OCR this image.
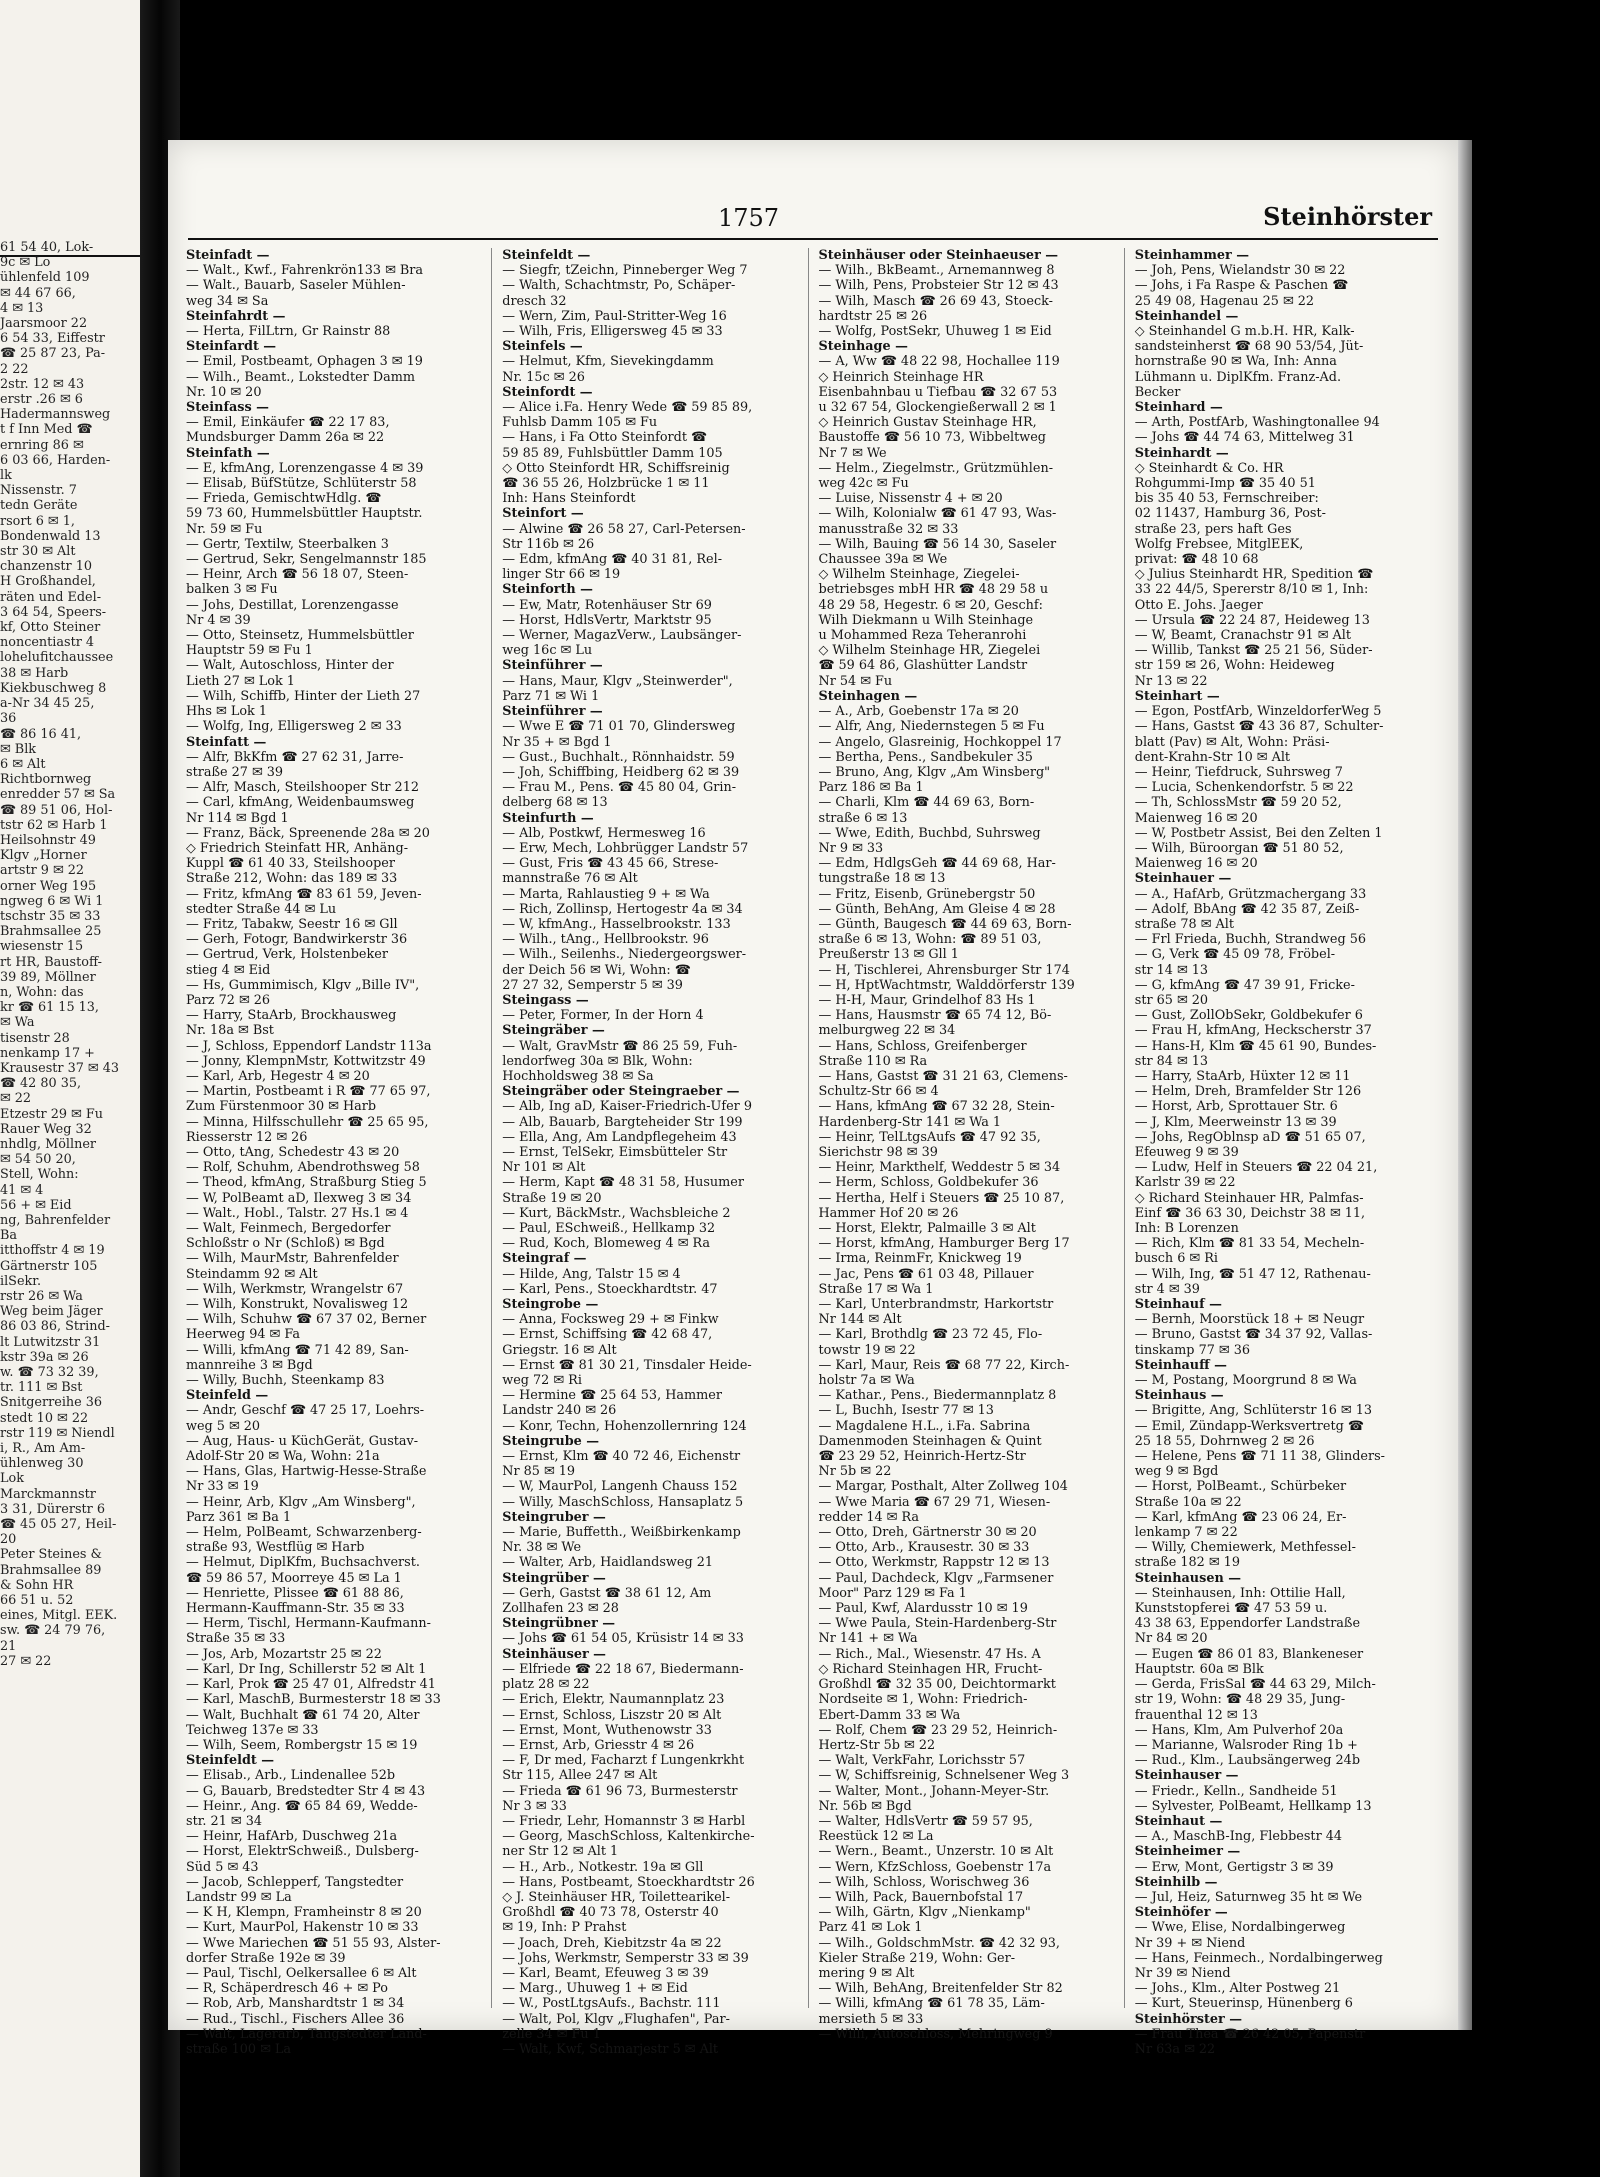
61 54 40, Lok-
9c ✉ Lo
ühlenfeld 109
✉ 44 67 66,
4 ✉ 13
Jaarsmoor 22
6 54 33, Eiffestr
☎ 25 87 23, Pa-
2 22
2str. 12 ✉ 43
erstr .26 ✉ 6
Hadermannsweg
t f Inn Med ☎
ernring 86 ✉
6 03 66, Harden-
lk
Nissenstr. 7
tedn Geräte
rsort 6 ✉ 1,
Bondenwald 13
str 30 ✉ Alt
chanzenstr 10
H Großhandel,
räten und Edel-
3 64 54, Speers-
kf, Otto Steiner
noncentiastr 4
lohelufitchaussee
38 ✉ Harb
Kiekbuschweg 8
a-Nr 34 45 25,
36
☎ 86 16 41,
✉ Blk
6 ✉ Alt
Richtbornweg
enredder 57 ✉ Sa
☎ 89 51 06, Hol-
tstr 62 ✉ Harb 1
Heilsohnstr 49
Klgv „Horner
artstr 9 ✉ 22
orner Weg 195
ngweg 6 ✉ Wi 1
tschstr 35 ✉ 33
Brahmsallee 25
wiesenstr 15
rt HR, Baustoff-
39 89, Möllner
n, Wohn: das
kr ☎ 61 15 13,
✉ Wa
tisenstr 28
nenkamp 17 +
Krausestr 37 ✉ 43
☎ 42 80 35,
✉ 22
Etzestr 29 ✉ Fu
Rauer Weg 32
nhdlg, Möllner
✉ 54 50 20,
Stell, Wohn:
41 ✉ 4
56 + ✉ Eid
ng, Bahrenfelder
Ba
itthoffstr 4 ✉ 19
Gärtnerstr 105
ilSekr.
rstr 26 ✉ Wa
Weg beim Jäger
86 03 86, Strind-
lt Lutwitzstr 31
kstr 39a ✉ 26
w. ☎ 73 32 39,
tr. 111 ✉ Bst
Snitgerreihe 36
stedt 10 ✉ 22
rstr 119 ✉ Niendl
i, R., Am Am-
ühlenweg 30
Lok
Marckmannstr
3 31, Dürerstr 6
☎ 45 05 27, Heil-
20
Peter Steines &
Brahmsallee 89
& Sohn HR
66 51 u. 52
eines, Mitgl. EEK.
sw. ☎ 24 79 76,
21
27 ✉ 22
1757	Steinhörster
Steinfadt —
— Walt., Kwf., Fahrenkrön133 ✉ Bra
— Walt., Bauarb, Saseler Mühlen-
weg 34 ✉ Sa
Steinfahrdt —
— Herta, FilLtrn, Gr Rainstr 88
Steinfardt —
— Emil, Postbeamt, Ophagen 3 ✉ 19
— Wilh., Beamt., Lokstedter Damm
Nr. 10 ✉ 20
Steinfass —
— Emil, Einkäufer ☎ 22 17 83,
Mundsburger Damm 26a ✉ 22
Steinfath —
— E, kfmAng, Lorenzengasse 4 ✉ 39
— Elisab, BüfStütze, Schlüterstr 58
— Frieda, GemischtwHdlg. ☎
59 73 60, Hummelsbüttler Hauptstr.
Nr. 59 ✉ Fu
— Gertr, Textilw, Steerbalken 3
— Gertrud, Sekr, Sengelmannstr 185
— Heinr, Arch ☎ 56 18 07, Steen-
balken 3 ✉ Fu
— Johs, Destillat, Lorenzengasse
Nr 4 ✉ 39
— Otto, Steinsetz, Hummelsbüttler
Hauptstr 59 ✉ Fu 1
— Walt, Autoschloss, Hinter der
Lieth 27 ✉ Lok 1
— Wilh, Schiffb, Hinter der Lieth 27
Hhs ✉ Lok 1
— Wolfg, Ing, Elligersweg 2 ✉ 33
Steinfatt —
— Alfr, BkKfm ☎ 27 62 31, Jarre-
straße 27 ✉ 39
— Alfr, Masch, Steilshooper Str 212
— Carl, kfmAng, Weidenbaumsweg
Nr 114 ✉ Bgd 1
— Franz, Bäck, Spreenende 28a ✉ 20
◇ Friedrich Steinfatt HR, Anhäng-
Kuppl ☎ 61 40 33, Steilshooper
Straße 212, Wohn: das 189 ✉ 33
— Fritz, kfmAng ☎ 83 61 59, Jeven-
stedter Straße 44 ✉ Lu
— Fritz, Tabakw, Seestr 16 ✉ Gll
— Gerh, Fotogr, Bandwirkerstr 36
— Gertrud, Verk, Holstenbeker
stieg 4 ✉ Eid
— Hs, Gummimisch, Klgv „Bille IV",
Parz 72 ✉ 26
— Harry, StaArb, Brockhausweg
Nr. 18a ✉ Bst
— J, Schloss, Eppendorf Landstr 113a
— Jonny, KlempnMstr, Kottwitzstr 49
— Karl, Arb, Hegestr 4 ✉ 20
— Martin, Postbeamt i R ☎ 77 65 97,
Zum Fürstenmoor 30 ✉ Harb
— Minna, Hilfsschullehr ☎ 25 65 95,
Riesserstr 12 ✉ 26
— Otto, tAng, Schedestr 43 ✉ 20
— Rolf, Schuhm, Abendrothsweg 58
— Theod, kfmAng, Straßburg Stieg 5
— W, PolBeamt aD, Ilexweg 3 ✉ 34
— Walt., Hobl., Talstr. 27 Hs.1 ✉ 4
— Walt, Feinmech, Bergedorfer
Schloßstr o Nr (Schloß) ✉ Bgd
— Wilh, MaurMstr, Bahrenfelder
Steindamm 92 ✉ Alt
— Wilh, Werkmstr, Wrangelstr 67
— Wilh, Konstrukt, Novalisweg 12
— Wilh, Schuhw ☎ 67 37 02, Berner
Heerweg 94 ✉ Fa
— Willi, kfmAng ☎ 71 42 89, San-
mannreihe 3 ✉ Bgd
— Willy, Buchh, Steenkamp 83
Steinfeld —
— Andr, Geschf ☎ 47 25 17, Loehrs-
weg 5 ✉ 20
— Aug, Haus- u KüchGerät, Gustav-
Adolf-Str 20 ✉ Wa, Wohn: 21a
— Hans, Glas, Hartwig-Hesse-Straße
Nr 33 ✉ 19
— Heinr, Arb, Klgv „Am Winsberg",
Parz 361 ✉ Ba 1
— Helm, PolBeamt, Schwarzenberg-
straße 93, Westflüg ✉ Harb
— Helmut, DiplKfm, Buchsachverst.
☎ 59 86 57, Moorreye 45 ✉ La 1
— Henriette, Plissee ☎ 61 88 86,
Hermann-Kauffmann-Str. 35 ✉ 33
— Herm, Tischl, Hermann-Kaufmann-
Straße 35 ✉ 33
— Jos, Arb, Mozartstr 25 ✉ 22
— Karl, Dr Ing, Schillerstr 52 ✉ Alt 1
— Karl, Prok ☎ 25 47 01, Alfredstr 41
— Karl, MaschB, Burmesterstr 18 ✉ 33
— Walt, Buchhalt ☎ 61 74 20, Alter
Teichweg 137e ✉ 33
— Wilh, Seem, Rombergstr 15 ✉ 19
Steinfeldt —
— Elisab., Arb., Lindenallee 52b
— G, Bauarb, Bredstedter Str 4 ✉ 43
— Heinr., Ang. ☎ 65 84 69, Wedde-
str. 21 ✉ 34
— Heinr, HafArb, Duschweg 21a
— Horst, ElektrSchweiß., Dulsberg-
Süd 5 ✉ 43
— Jacob, Schlepperf, Tangstedter
Landstr 99 ✉ La
— K H, Klempn, Framheinstr 8 ✉ 20
— Kurt, MaurPol, Hakenstr 10 ✉ 33
— Wwe Mariechen ☎ 51 55 93, Alster-
dorfer Straße 192e ✉ 39
— Paul, Tischl, Oelkersallee 6 ✉ Alt
— R, Schäperdresch 46 + ✉ Po
— Rob, Arb, Manshardtstr 1 ✉ 34
— Rud., Tischl., Fischers Allee 36
— Walt, Lagerarb, Tangstedter Land-
straße 100 ✉ La
Steinfeldt —
— Siegfr, tZeichn, Pinneberger Weg 7
— Walth, Schachtmstr, Po, Schäper-
dresch 32
— Wern, Zim, Paul-Stritter-Weg 16
— Wilh, Fris, Elligersweg 45 ✉ 33
Steinfels —
— Helmut, Kfm, Sievekingdamm
Nr. 15c ✉ 26
Steinfordt —
— Alice i.Fa. Henry Wede ☎ 59 85 89,
Fuhlsb Damm 105 ✉ Fu
— Hans, i Fa Otto Steinfordt ☎
59 85 89, Fuhlsbüttler Damm 105
◇ Otto Steinfordt HR, Schiffsreinig
☎ 36 55 26, Holzbrücke 1 ✉ 11
Inh: Hans Steinfordt
Steinfort —
— Alwine ☎ 26 58 27, Carl-Petersen-
Str 116b ✉ 26
— Edm, kfmAng ☎ 40 31 81, Rel-
linger Str 66 ✉ 19
Steinforth —
— Ew, Matr, Rotenhäuser Str 69
— Horst, HdlsVertr, Marktstr 95
— Werner, MagazVerw., Laubsänger-
weg 16c ✉ Lu
Steinführer —
— Hans, Maur, Klgv „Steinwerder",
Parz 71 ✉ Wi 1
Steinführer —
— Wwe E ☎ 71 01 70, Glindersweg
Nr 35 + ✉ Bgd 1
— Gust., Buchhalt., Rönnhaidstr. 59
— Joh, Schiffbing, Heidberg 62 ✉ 39
— Frau M., Pens. ☎ 45 80 04, Grin-
delberg 68 ✉ 13
Steinfurth —
— Alb, Postkwf, Hermesweg 16
— Erw, Mech, Lohbrügger Landstr 57
— Gust, Fris ☎ 43 45 66, Strese-
mannstraße 76 ✉ Alt
— Marta, Rahlaustieg 9 + ✉ Wa
— Rich, Zollinsp, Hertogestr 4a ✉ 34
— W, kfmAng., Hasselbrookstr. 133
— Wilh., tAng., Hellbrookstr. 96
— Wilh., Seilenhs., Niedergeorgswer-
der Deich 56 ✉ Wi, Wohn: ☎
27 27 32, Semperstr 5 ✉ 39
Steingass —
— Peter, Former, In der Horn 4
Steingräber —
— Walt, GravMstr ☎ 86 25 59, Fuh-
lendorfweg 30a ✉ Blk, Wohn:
Hochholdsweg 38 ✉ Sa
Steingräber oder Steingraeber —
— Alb, Ing aD, Kaiser-Friedrich-Ufer 9
— Alb, Bauarb, Bargteheider Str 199
— Ella, Ang, Am Landpflegeheim 43
— Ernst, TelSekr, Eimsbütteler Str
Nr 101 ✉ Alt
— Herm, Kapt ☎ 48 31 58, Husumer
Straße 19 ✉ 20
— Kurt, BäckMstr., Wachsbleiche 2
— Paul, ESchweiß., Hellkamp 32
— Rud, Koch, Blomeweg 4 ✉ Ra
Steingraf —
— Hilde, Ang, Talstr 15 ✉ 4
— Karl, Pens., Stoeckhardtstr. 47
Steingrobe —
— Anna, Focksweg 29 + ✉ Finkw
— Ernst, Schiffsing ☎ 42 68 47,
Griegstr. 16 ✉ Alt
— Ernst ☎ 81 30 21, Tinsdaler Heide-
weg 72 ✉ Ri
— Hermine ☎ 25 64 53, Hammer
Landstr 240 ✉ 26
— Konr, Techn, Hohenzollernring 124
Steingrube —
— Ernst, Klm ☎ 40 72 46, Eichenstr
Nr 85 ✉ 19
— W, MaurPol, Langenh Chauss 152
— Willy, MaschSchloss, Hansaplatz 5
Steingruber —
— Marie, Buffetth., Weißbirkenkamp
Nr. 38 ✉ We
— Walter, Arb, Haidlandsweg 21
Steingrüber —
— Gerh, Gastst ☎ 38 61 12, Am
Zollhafen 23 ✉ 28
Steingrübner —
— Johs ☎ 61 54 05, Krüsistr 14 ✉ 33
Steinhäuser —
— Elfriede ☎ 22 18 67, Biedermann-
platz 28 ✉ 22
— Erich, Elektr, Naumannplatz 23
— Ernst, Schloss, Liszstr 20 ✉ Alt
— Ernst, Mont, Wuthenowstr 33
— Ernst, Arb, Griesstr 4 ✉ 26
— F, Dr med, Facharzt f Lungenkrkht
Str 115, Allee 247 ✉ Alt
— Frieda ☎ 61 96 73, Burmesterstr
Nr 3 ✉ 33
— Friedr, Lehr, Homannstr 3 ✉ Harbl
— Georg, MaschSchloss, Kaltenkirche-
ner Str 12 ✉ Alt 1
— H., Arb., Notkestr. 19a ✉ Gll
— Hans, Postbeamt, Stoeckhardtstr 26
◇ J. Steinhäuser HR, Toilettearikel-
Großhdl ☎ 40 73 78, Osterstr 40
✉ 19, Inh: P Prahst
— Joach, Dreh, Kiebitzstr 4a ✉ 22
— Johs, Werkmstr, Semperstr 33 ✉ 39
— Karl, Beamt, Efeuweg 3 ✉ 39
— Marg., Uhuweg 1 + ✉ Eid
— W., PostLtgsAufs., Bachstr. 111
— Walt, Pol, Klgv „Flughafen", Par-
zelle 34 ✉ Fu 1
— Walt, Kwf, Schmarjestr 5 ✉ Alt
Steinhäuser oder Steinhaeuser —
— Wilh., BkBeamt., Arnemannweg 8
— Wilh, Pens, Probsteier Str 12 ✉ 43
— Wilh, Masch ☎ 26 69 43, Stoeck-
hardtstr 25 ✉ 26
— Wolfg, PostSekr, Uhuweg 1 ✉ Eid
Steinhage —
— A, Ww ☎ 48 22 98, Hochallee 119
◇ Heinrich Steinhage HR
Eisenbahnbau u Tiefbau ☎ 32 67 53
u 32 67 54, Glockengießerwall 2 ✉ 1
◇ Heinrich Gustav Steinhage HR,
Baustoffe ☎ 56 10 73, Wibbeltweg
Nr 7 ✉ We
— Helm., Ziegelmstr., Grützmühlen-
weg 42c ✉ Fu
— Luise, Nissenstr 4 + ✉ 20
— Wilh, Kolonialw ☎ 61 47 93, Was-
manusstraße 32 ✉ 33
— Wilh, Bauing ☎ 56 14 30, Saseler
Chaussee 39a ✉ We
◇ Wilhelm Steinhage, Ziegelei-
betriebsges mbH HR ☎ 48 29 58 u
48 29 58, Hegestr. 6 ✉ 20, Geschf:
Wilh Diekmann u Wilh Steinhage
u Mohammed Reza Teheranrohi
◇ Wilhelm Steinhage HR, Ziegelei
☎ 59 64 86, Glashütter Landstr
Nr 54 ✉ Fu
Steinhagen —
— A., Arb, Goebenstr 17a ✉ 20
— Alfr, Ang, Niedernstegen 5 ✉ Fu
— Angelo, Glasreinig, Hochkoppel 17
— Bertha, Pens., Sandbekuler 35
— Bruno, Ang, Klgv „Am Winsberg"
Parz 186 ✉ Ba 1
— Charli, Klm ☎ 44 69 63, Born-
straße 6 ✉ 13
— Wwe, Edith, Buchbd, Suhrsweg
Nr 9 ✉ 33
— Edm, HdlgsGeh ☎ 44 69 68, Har-
tungstraße 18 ✉ 13
— Fritz, Eisenb, Grünebergstr 50
— Günth, BehAng, Am Gleise 4 ✉ 28
— Günth, Baugesch ☎ 44 69 63, Born-
straße 6 ✉ 13, Wohn: ☎ 89 51 03,
Preußerstr 13 ✉ Gll 1
— H, Tischlerei, Ahrensburger Str 174
— H, HptWachtmstr, Walddörferstr 139
— H-H, Maur, Grindelhof 83 Hs 1
— Hans, Hausmstr ☎ 65 74 12, Bö-
melburgweg 22 ✉ 34
— Hans, Schloss, Greifenberger
Straße 110 ✉ Ra
— Hans, Gastst ☎ 31 21 63, Clemens-
Schultz-Str 66 ✉ 4
— Hans, kfmAng ☎ 67 32 28, Stein-
Hardenberg-Str 141 ✉ Wa 1
— Heinr, TelLtgsAufs ☎ 47 92 35,
Sierichstr 98 ✉ 39
— Heinr, Markthelf, Weddestr 5 ✉ 34
— Herm, Schloss, Goldbekufer 36
— Hertha, Helf i Steuers ☎ 25 10 87,
Hammer Hof 20 ✉ 26
— Horst, Elektr, Palmaille 3 ✉ Alt
— Horst, kfmAng, Hamburger Berg 17
— Irma, ReinmFr, Knickweg 19
— Jac, Pens ☎ 61 03 48, Pillauer
Straße 17 ✉ Wa 1
— Karl, Unterbrandmstr, Harkortstr
Nr 144 ✉ Alt
— Karl, Brothdlg ☎ 23 72 45, Flo-
towstr 19 ✉ 22
— Karl, Maur, Reis ☎ 68 77 22, Kirch-
holstr 7a ✉ Wa
— Kathar., Pens., Biedermannplatz 8
— L, Buchh, Isestr 77 ✉ 13
— Magdalene H.L., i.Fa. Sabrina
Damenmoden Steinhagen & Quint
☎ 23 29 52, Heinrich-Hertz-Str
Nr 5b ✉ 22
— Margar, Posthalt, Alter Zollweg 104
— Wwe Maria ☎ 67 29 71, Wiesen-
redder 14 ✉ Ra
— Otto, Dreh, Gärtnerstr 30 ✉ 20
— Otto, Arb., Krausestr. 30 ✉ 33
— Otto, Werkmstr, Rappstr 12 ✉ 13
— Paul, Dachdeck, Klgv „Farmsener
Moor" Parz 129 ✉ Fa 1
— Paul, Kwf, Alardusstr 10 ✉ 19
— Wwe Paula, Stein-Hardenberg-Str
Nr 141 + ✉ Wa
— Rich., Mal., Wiesenstr. 47 Hs. A
◇ Richard Steinhagen HR, Frucht-
Großhdl ☎ 32 35 00, Deichtormarkt
Nordseite ✉ 1, Wohn: Friedrich-
Ebert-Damm 33 ✉ Wa
— Rolf, Chem ☎ 23 29 52, Heinrich-
Hertz-Str 5b ✉ 22
— Walt, VerkFahr, Lorichsstr 57
— W, Schiffsreinig, Schnelsener Weg 3
— Walter, Mont., Johann-Meyer-Str.
Nr. 56b ✉ Bgd
— Walter, HdlsVertr ☎ 59 57 95,
Reestück 12 ✉ La
— Wern., Beamt., Unzerstr. 10 ✉ Alt
— Wern, KfzSchloss, Goebenstr 17a
— Wilh, Schloss, Worischweg 36
— Wilh, Pack, Bauernbofstal 17
— Wilh, Gärtn, Klgv „Nienkamp"
Parz 41 ✉ Lok 1
— Wilh., GoldschmMstr. ☎ 42 32 93,
Kieler Straße 219, Wohn: Ger-
mering 9 ✉ Alt
— Wilh, BehAng, Breitenfelder Str 82
— Willi, kfmAng ☎ 61 78 35, Läm-
mersieth 5 ✉ 33
— Willi, Autoschloss, Mehringweg 9
Steinhammer —
— Joh, Pens, Wielandstr 30 ✉ 22
— Johs, i Fa Raspe & Paschen ☎
25 49 08, Hagenau 25 ✉ 22
Steinhandel —
◇ Steinhandel G m.b.H. HR, Kalk-
sandsteinherst ☎ 68 90 53/54, Jüt-
hornstraße 90 ✉ Wa, Inh: Anna
Lühmann u. DiplKfm. Franz-Ad.
Becker
Steinhard —
— Arth, PostfArb, Washingtonallee 94
— Johs ☎ 44 74 63, Mittelweg 31
Steinhardt —
◇ Steinhardt & Co. HR
Rohgummi-Imp ☎ 35 40 51
bis 35 40 53, Fernschreiber:
02 11437, Hamburg 36, Post-
straße 23, pers haft Ges
Wolfg Frebsee, MitglEEK,
privat: ☎ 48 10 68
◇ Julius Steinhardt HR, Spedition ☎
33 22 44/5, Spererstr 8/10 ✉ 1, Inh:
Otto E. Johs. Jaeger
— Ursula ☎ 22 24 87, Heideweg 13
— W, Beamt, Cranachstr 91 ✉ Alt
— Willib, Tankst ☎ 25 21 56, Süder-
str 159 ✉ 26, Wohn: Heideweg
Nr 13 ✉ 22
Steinhart —
— Egon, PostfArb, WinzeldorferWeg 5
— Hans, Gastst ☎ 43 36 87, Schulter-
blatt (Pav) ✉ Alt, Wohn: Präsi-
dent-Krahn-Str 10 ✉ Alt
— Heinr, Tiefdruck, Suhrsweg 7
— Lucia, Schenkendorfstr. 5 ✉ 22
— Th, SchlossMstr ☎ 59 20 52,
Maienweg 16 ✉ 20
— W, Postbetr Assist, Bei den Zelten 1
— Wilh, Büroorgan ☎ 51 80 52,
Maienweg 16 ✉ 20
Steinhauer —
— A., HafArb, Grützmachergang 33
— Adolf, BbAng ☎ 42 35 87, Zeiß-
straße 78 ✉ Alt
— Frl Frieda, Buchh, Strandweg 56
— G, Verk ☎ 45 09 78, Fröbel-
str 14 ✉ 13
— G, kfmAng ☎ 47 39 91, Fricke-
str 65 ✉ 20
— Gust, ZollObSekr, Goldbekufer 6
— Frau H, kfmAng, Heckscherstr 37
— Hans-H, Klm ☎ 45 61 90, Bundes-
str 84 ✉ 13
— Harry, StaArb, Hüxter 12 ✉ 11
— Helm, Dreh, Bramfelder Str 126
— Horst, Arb, Sprottauer Str. 6
— J, Klm, Meerweinstr 13 ✉ 39
— Johs, RegOblnsp aD ☎ 51 65 07,
Efeuweg 9 ✉ 39
— Ludw, Helf in Steuers ☎ 22 04 21,
Karlstr 39 ✉ 22
◇ Richard Steinhauer HR, Palmfas-
Einf ☎ 36 63 30, Deichstr 38 ✉ 11,
Inh: B Lorenzen
— Rich, Klm ☎ 81 33 54, Mecheln-
busch 6 ✉ Ri
— Wilh, Ing, ☎ 51 47 12, Rathenau-
str 4 ✉ 39
Steinhauf —
— Bernh, Moorstück 18 + ✉ Neugr
— Bruno, Gastst ☎ 34 37 92, Vallas-
tinskamp 77 ✉ 36
Steinhauff —
— M, Postang, Moorgrund 8 ✉ Wa
Steinhaus —
— Brigitte, Ang, Schlüterstr 16 ✉ 13
— Emil, Zündapp-Werksvertretg ☎
25 18 55, Dohrnweg 2 ✉ 26
— Helene, Pens ☎ 71 11 38, Glinders-
weg 9 ✉ Bgd
— Horst, PolBeamt., Schürbeker
Straße 10a ✉ 22
— Karl, kfmAng ☎ 23 06 24, Er-
lenkamp 7 ✉ 22
— Willy, Chemiewerk, Methfessel-
straße 182 ✉ 19
Steinhausen —
— Steinhausen, Inh: Ottilie Hall,
Kunststopferei ☎ 47 53 59 u.
43 38 63, Eppendorfer Landstraße
Nr 84 ✉ 20
— Eugen ☎ 86 01 83, Blankeneser
Hauptstr. 60a ✉ Blk
— Gerda, FrisSal ☎ 44 63 29, Milch-
str 19, Wohn: ☎ 48 29 35, Jung-
frauenthal 12 ✉ 13
— Hans, Klm, Am Pulverhof 20a
— Marianne, Walsroder Ring 1b +
— Rud., Klm., Laubsängerweg 24b
Steinhauser —
— Friedr., Kelln., Sandheide 51
— Sylvester, PolBeamt, Hellkamp 13
Steinhaut —
— A., MaschB-Ing, Flebbestr 44
Steinheimer —
— Erw, Mont, Gertigstr 3 ✉ 39
Steinhilb —
— Jul, Heiz, Saturnweg 35 ht ✉ We
Steinhöfer —
— Wwe, Elise, Nordalbingerweg
Nr 39 + ✉ Niend
— Hans, Feinmech., Nordalbingerweg
Nr 39 ✉ Niend
— Johs., Klm., Alter Postweg 21
— Kurt, Steuerinsp, Hünenberg 6
Steinhörster —
— Frau Thea ☎ 26 42 05, Papenstr
Nr 63a ✉ 22
